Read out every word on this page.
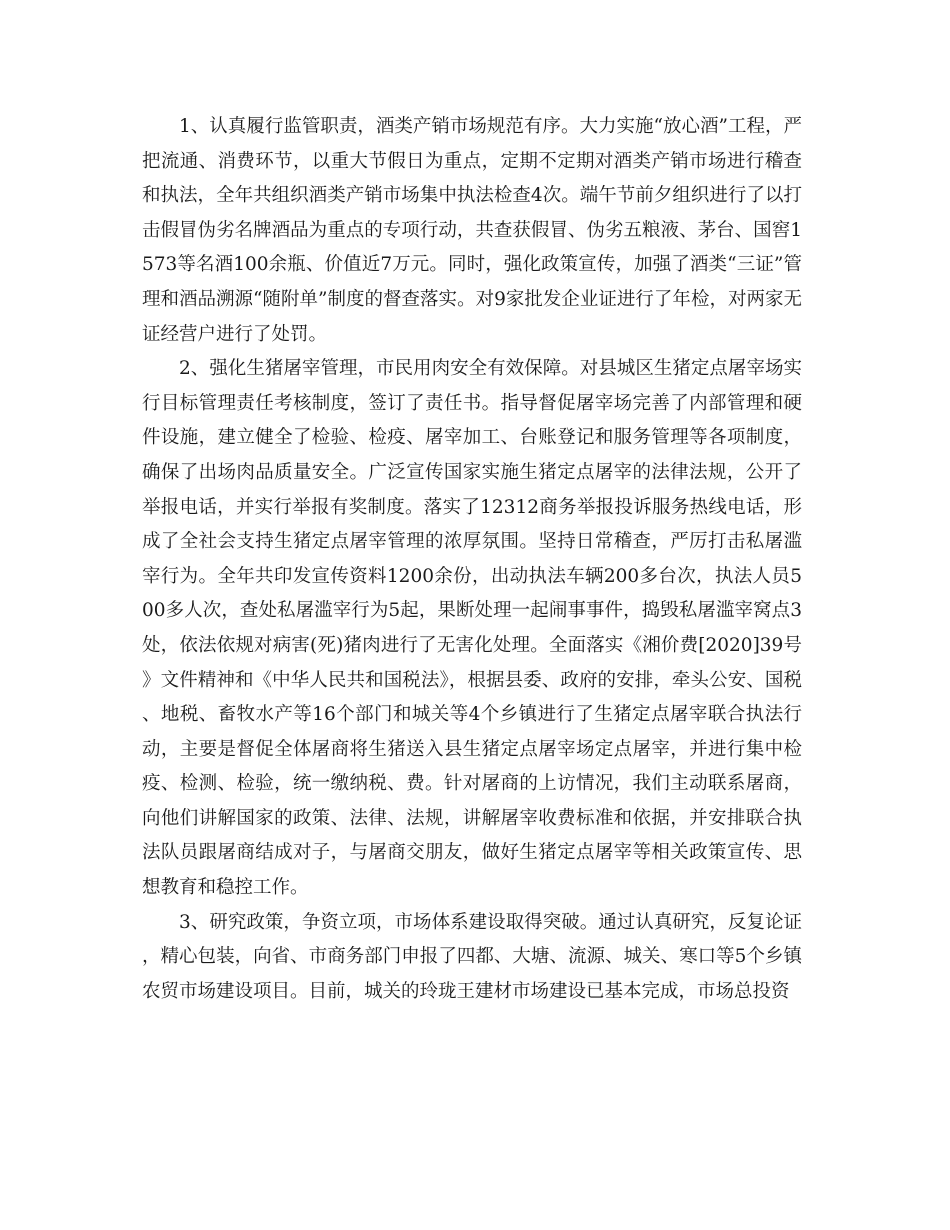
1、认真履行监管职责，酒类产销市场规范有序。大力实施“放心酒”工程，严把流通、消费环节，以重大节假日为重点，定期不定期对酒类产销市场进行稽查和执法，全年共组织酒类产销市场集中执法检查4次。端午节前夕组织进行了以打击假冒伪劣名牌酒品为重点的专项行动，共查获假冒、伪劣五粮液、茅台、国窖1573等名酒100余瓶、价值近7万元。同时，强化政策宣传，加强了酒类“三证”管理和酒品溯源“随附单”制度的督查落实。对9家批发企业证进行了年检，对两家无证经营户进行了处罚。

2、强化生猪屠宰管理，市民用肉安全有效保障。对县城区生猪定点屠宰场实行目标管理责任考核制度，签订了责任书。指导督促屠宰场完善了内部管理和硬件设施，建立健全了检验、检疫、屠宰加工、台账登记和服务管理等各项制度，确保了出场肉品质量安全。广泛宣传国家实施生猪定点屠宰的法律法规，公开了举报电话，并实行举报有奖制度。落实了12312商务举报投诉服务热线电话，形成了全社会支持生猪定点屠宰管理的浓厚氛围。坚持日常稽查，严厉打击私屠滥宰行为。全年共印发宣传资料1200余份，出动执法车辆200多台次，执法人员500多人次，查处私屠滥宰行为5起，果断处理一起闹事事件，捣毁私屠滥宰窝点3处，依法依规对病害(死)猪肉进行了无害化处理。全面落实《湘价费[2020]39号》文件精神和《中华人民共和国税法》，根据县委、政府的安排，牵头公安、国税、地税、畜牧水产等16个部门和城关等4个乡镇进行了生猪定点屠宰联合执法行动，主要是督促全体屠商将生猪送入县生猪定点屠宰场定点屠宰，并进行集中检疫、检测、检验，统一缴纳税、费。针对屠商的上访情况，我们主动联系屠商，向他们讲解国家的政策、法律、法规，讲解屠宰收费标准和依据，并安排联合执法队员跟屠商结成对子，与屠商交朋友，做好生猪定点屠宰等相关政策宣传、思想教育和稳控工作。

3、研究政策，争资立项，市场体系建设取得突破。通过认真研究，反复论证，精心包装，向省、市商务部门申报了四都、大塘、流源、城关、寒口等5个乡镇农贸市场建设项目。目前，城关的玲珑王建材市场建设已基本完成，市场总投资
